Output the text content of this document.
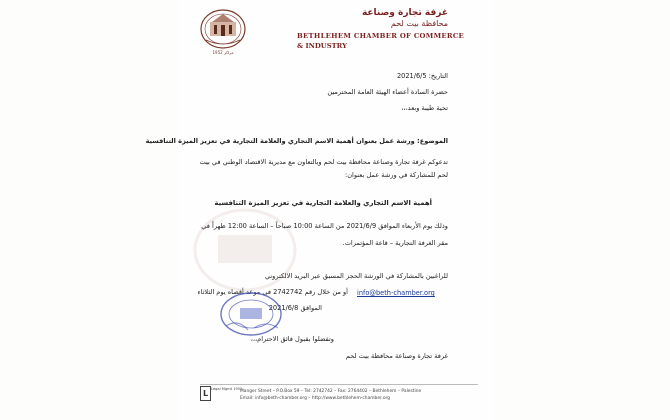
1952 مراكز
غرفة تجارة وصناعة
محافظة بيت لحم
BETHLEHEM CHAMBER OF COMMERCE
& INDUSTRY
التاريخ: 2021/6/5
حضرة السادة أعضاء الهيئة العامة المحترمين
تحية طيبة وبعد،،،
الموضوع: ورشة عمل بعنوان أهمية الاسم التجاري والعلامة التجارية في تعزيز الميزة التنافسية
تدعوكم غرفة تجارة وصناعة محافظة بيت لحم وبالتعاون مع مديرية الاقتصاد الوطني في بيت
لحم للمشاركة في ورشة عمل بعنوان:
أهمية الاسم التجاري والعلامة التجارية في تعزيز الميزة التنافسية
وذلك يوم الأربعاء الموافق 2021/6/9 من الساعة 10:00 صباحاً – الساعة 12:00 ظهراً في
مقر الغرفة التجارية – قاعة المؤتمرات.
للراغبين بالمشاركة في الورشة الحجز المسبق عبر البريد الالكتروني
أو من خلال رقم 2742742 في موعد أقصاه يوم الثلاثاء info@beth-chamber.org
الموافق 2021/6/8
وتفضلوا بقبول فائق الاحترام،،،
غرفة تجارة وصناعة محافظة بيت لحم
L Legal Mgmt 1952
Manger Street – P.O.Box 59 – Tel: 2742742 – Fax: 2764402 – Bethlehem – Palestine
Email: info@beth-chamber.org – http://www.bethlehem-chamber.org
